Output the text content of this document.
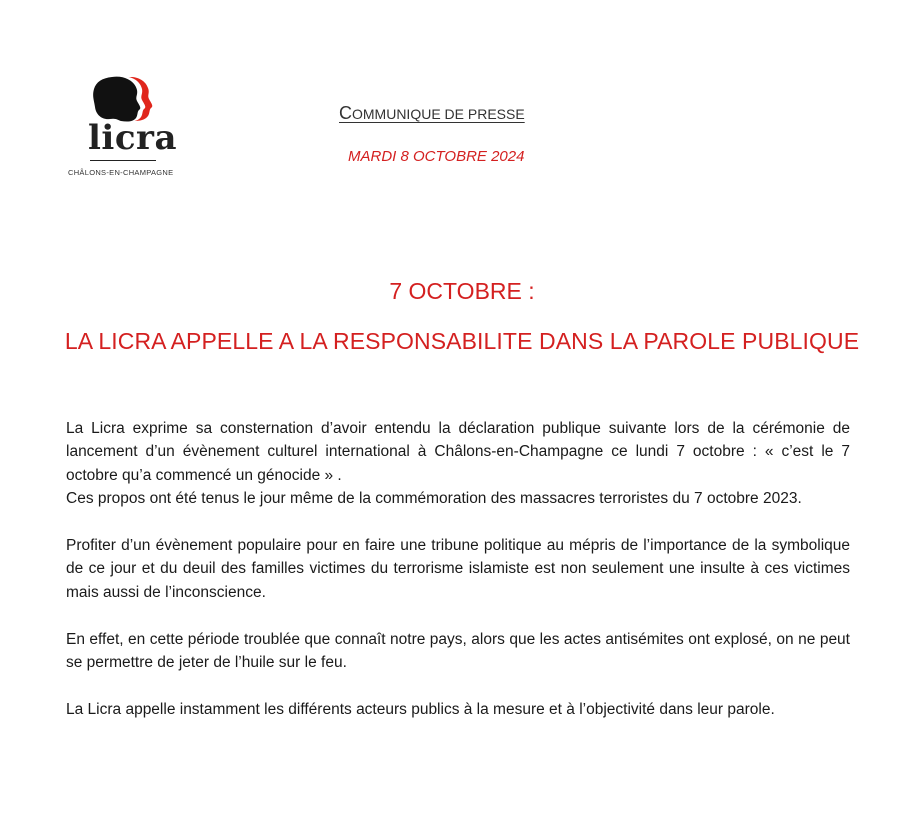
licra
CHÂLONS-EN-CHAMPAGNE
COMMUNIQUE DE PRESSE
MARDI 8 OCTOBRE 2024
7 OCTOBRE :
LA LICRA APPELLE A LA RESPONSABILITE DANS LA PAROLE PUBLIQUE

La Licra exprime sa consternation d’avoir entendu la déclaration publique suivante lors de la cérémonie de lancement d’un évènement culturel international à Châlons-en-Champagne ce lundi 7 octobre : « c’est le 7 octobre qu’a commencé un génocide » .

Ces propos ont été tenus le jour même de la commémoration des massacres terroristes du 7 octobre 2023.

Profiter d’un évènement populaire pour en faire une tribune politique au mépris de l’importance de la symbolique de ce jour et du deuil des familles victimes du terrorisme islamiste est non seulement une insulte à ces victimes mais aussi de l’inconscience.

En effet, en cette période troublée que connaît notre pays, alors que les actes antisémites ont explosé, on ne peut se permettre de jeter de l’huile sur le feu.

La Licra appelle instamment les différents acteurs publics à la mesure et à l’objectivité dans leur parole.
